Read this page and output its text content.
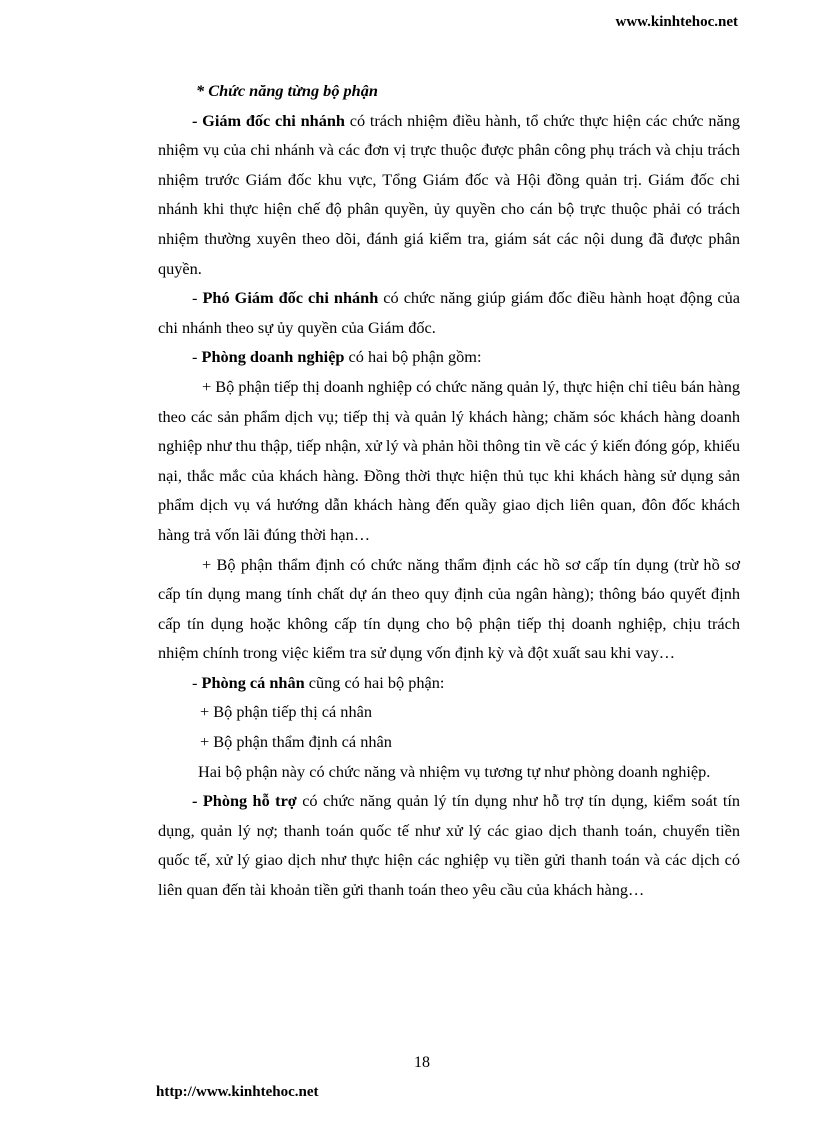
www.kinhtehoc.net

* Chức năng từng bộ phận

- Giám đốc chi nhánh có trách nhiệm điều hành, tổ chức thực hiện các chức năng nhiệm vụ của chi nhánh và các đơn vị trực thuộc được phân công phụ trách và chịu trách nhiệm trước Giám đốc khu vực, Tổng Giám đốc và Hội đồng quản trị. Giám đốc chi nhánh khi thực hiện chế độ phân quyền, ủy quyền cho cán bộ trực thuộc phải có trách nhiệm thường xuyên theo dõi, đánh giá kiểm tra, giám sát các nội dung đã được phân quyền.

- Phó Giám đốc chi nhánh có chức năng giúp giám đốc điều hành hoạt động của chi nhánh theo sự ủy quyền của Giám đốc.

- Phòng doanh nghiệp có hai bộ phận gồm:

+ Bộ phận tiếp thị doanh nghiệp có chức năng quản lý, thực hiện chỉ tiêu bán hàng theo các sản phẩm dịch vụ; tiếp thị và quản lý khách hàng; chăm sóc khách hàng doanh nghiệp như thu thập, tiếp nhận, xử lý và phản hồi thông tin về các ý kiến đóng góp, khiếu nại, thắc mắc của khách hàng. Đồng thời thực hiện thủ tục khi khách hàng sử dụng sản phẩm dịch vụ vá hướng dẫn khách hàng đến quầy giao dịch liên quan, đôn đốc khách hàng trả vốn lãi đúng thời hạn…

+ Bộ phận thẩm định có chức năng thẩm định các hồ sơ cấp tín dụng (trừ hồ sơ cấp tín dụng mang tính chất dự án theo quy định của ngân hàng); thông báo quyết định cấp tín dụng hoặc không cấp tín dụng cho bộ phận tiếp thị doanh nghiệp, chịu trách nhiệm chính trong việc kiểm tra sử dụng vốn định kỳ và đột xuất sau khi vay…

- Phòng cá nhân cũng có hai bộ phận:

+ Bộ phận tiếp thị cá nhân

+ Bộ phận thẩm định cá nhân

Hai bộ phận này có chức năng và nhiệm vụ tương tự như phòng doanh nghiệp.

- Phòng hỗ trợ có chức năng quản lý tín dụng như hỗ trợ tín dụng, kiểm soát tín dụng, quản lý nợ; thanh toán quốc tế như xử lý các giao dịch thanh toán, chuyển tiền quốc tế, xử lý giao dịch như thực hiện các nghiệp vụ tiền gửi thanh toán và các dịch có liên quan đến tài khoản tiền gửi thanh toán theo yêu cầu của khách hàng…

18
http://www.kinhtehoc.net
